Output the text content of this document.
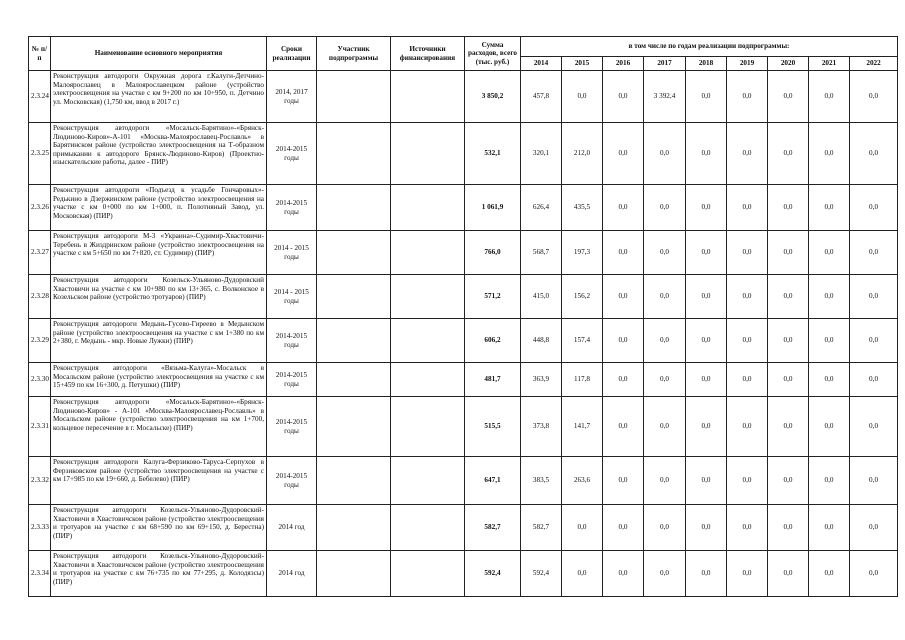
№ п/п	Наименование основного мероприятия	Сроки реализации	Участник подпрограммы	Источники финансирования	Сумма расходов, всего (тыс. руб.)	в том числе по годам реализации подпрограммы:								
						2014	2015	2016	2017	2018	2019	2020	2021	2022
2.3.24	Реконструкция автодороги Окружная дорога г.Калуги-Детчино-Малоярославец в Малоярославецком районе (устройство электроосвещения на участке с км 9+200 по км 10+950, п. Детчино ул. Московская) (1,750 км, ввод в 2017 г.)	2014, 2017 годы			3 850,2	457,8	0,0	0,0	3 392,4	0,0	0,0	0,0	0,0	0,0
2.3.25	Реконструкция автодороги «Мосальск-Барятино»-«Брянск-Людиново-Киров»-А-101 «Москва-Малоярославец-Рославль» в Барятинском районе (устройство электроосвещения на Т-образном примыкании к автодороге Брянск-Людиново-Киров) (Проектно-изыскательские работы, далее - ПИР)	2014-2015 годы			532,1	320,1	212,0	0,0	0,0	0,0	0,0	0,0	0,0	0,0
2.3.26	Реконструкция автодороги «Подъезд к усадьбе Гончаровых»-Редькино в Дзержинском районе (устройство электроосвещения на участке с км 0+000 по км 1+000, п. Полотняный Завод, ул. Московская) (ПИР)	2014-2015 годы			1 061,9	626,4	435,5	0,0	0,0	0,0	0,0	0,0	0,0	0,0
2.3.27	Реконструкция автодороги М-3 «Украина»-Судимир-Хвастовичи-Теребень в Жиздринском районе (устройство электроосвещения на участке с км 5+650 по км 7+820, ст. Судимир) (ПИР)	2014 - 2015 годы			766,0	568,7	197,3	0,0	0,0	0,0	0,0	0,0	0,0	0,0
2.3.28	Реконструкция автодороги Козельск-Ульяново-Дудоровский Хвастовичи на участке с км 10+980 по км 13+365, с. Волконское в Козельском районе (устройство тротуаров) (ПИР)	2014 - 2015 годы			571,2	415,0	156,2	0,0	0,0	0,0	0,0	0,0	0,0	0,0
2.3.29	Реконструкция автодороги Медынь-Гусево-Гиреево в Медынском районе (устройство электроосвещения на участке с км 1+380 по км 2+380, г. Медынь - мкр. Новые Лужки) (ПИР)	2014-2015 годы			606,2	448,8	157,4	0,0	0,0	0,0	0,0	0,0	0,0	0,0
2.3.30	Реконструкция автодороги «Вязьма-Калуга»-Мосальск в Мосальском районе (устройство электроосвещения на участке с км 15+459 по км 16+300, д. Петушки) (ПИР)	2014-2015 годы			481,7	363,9	117,8	0,0	0,0	0,0	0,0	0,0	0,0	0,0
2.3.31	Реконструкция автодороги «Мосальск-Барятино»-«Брянск-Людиново-Киров» - А-101 «Москва-Малоярославец-Рославль» в Мосальском районе (устройство электроосвещения на км 1+700, кольцевое пересечение в г. Мосальске) (ПИР)	2014-2015 годы			515,5	373,8	141,7	0,0	0,0	0,0	0,0	0,0	0,0	0,0
2.3.32	Реконструкция автодороги Калуга-Ферзиково-Таруса-Серпухов в Ферзиковском районе (устройство электроосвещения на участке с км 17+985 по км 19+660, д. Бебелево) (ПИР)	2014-2015 годы			647,1	383,5	263,6	0,0	0,0	0,0	0,0	0,0	0,0	0,0
2.3.33	Реконструкция автодороги Козельск-Ульяново-Дудоровский-Хвастовичи в Хвастовичском районе (устройство электроосвещения и тротуаров на участке с км 68+590 по км 69+150, д. Берестна) (ПИР)	2014 год			582,7	582,7	0,0	0,0	0,0	0,0	0,0	0,0	0,0	0,0
2.3.34	Реконструкция автодороги Козельск-Ульяново-Дудоровский-Хвастовичи в Хвастовичском районе (устройство электроосвещения и тротуаров на участке с км 76+735 по км 77+295, д. Колодязсы) (ПИР)	2014 год			592,4	592,4	0,0	0,0	0,0	0,0	0,0	0,0	0,0	0,0
